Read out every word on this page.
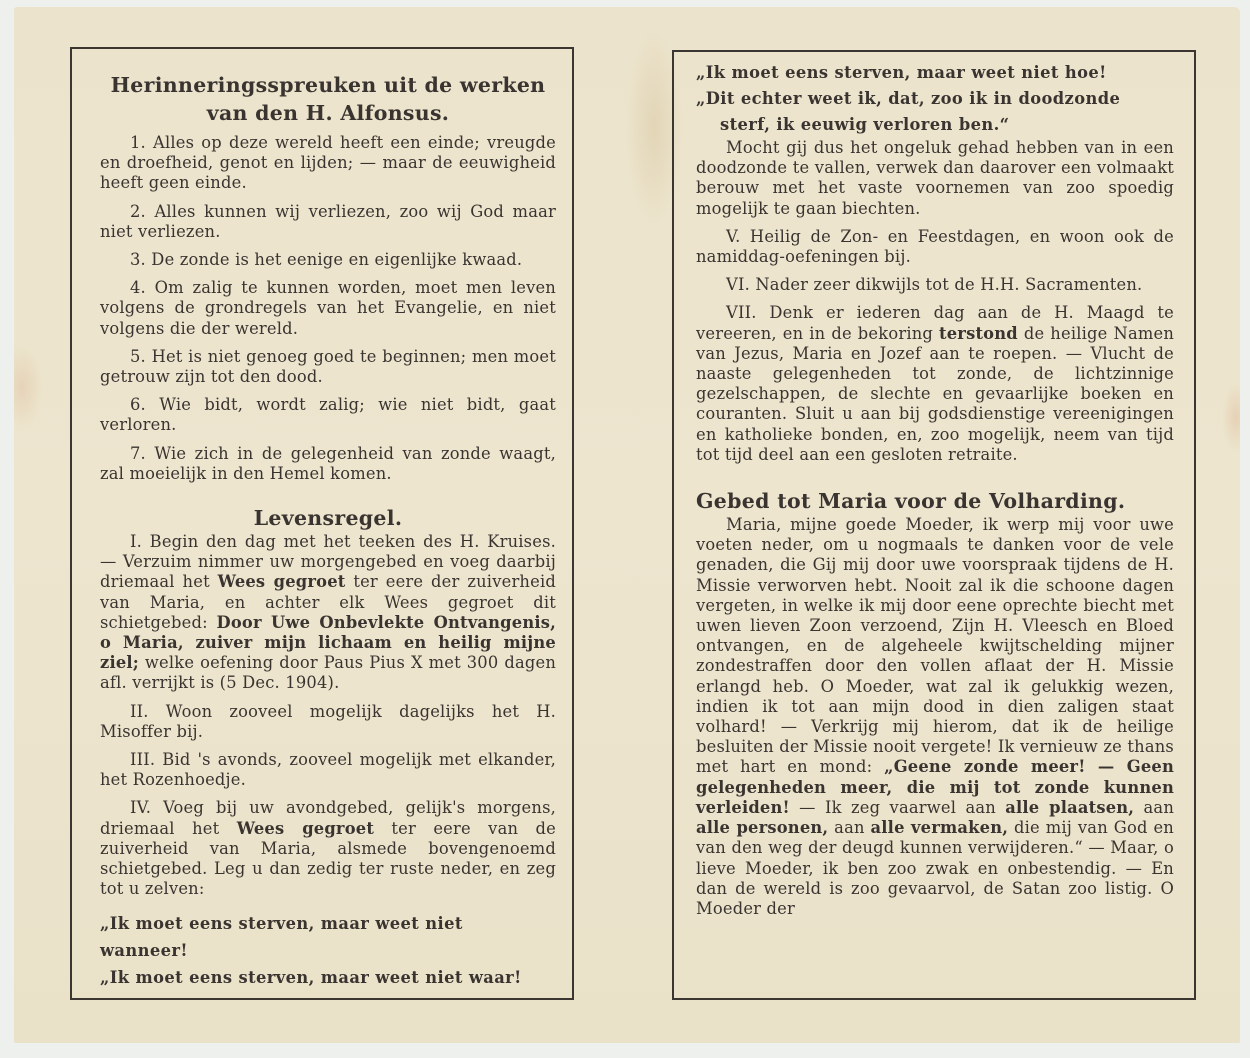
Herinneringsspreuken uit de werken

van den H. Alfonsus.

1. Alles op deze wereld heeft een einde; vreugde en droefheid, genot en lijden; — maar de eeuwigheid heeft geen einde.

2. Alles kunnen wij verliezen, zoo wij God maar niet verliezen.

3. De zonde is het eenige en eigenlijke kwaad.

4. Om zalig te kunnen worden, moet men leven volgens de grondregels van het Evangelie, en niet volgens die der wereld.

5. Het is niet genoeg goed te beginnen; men moet getrouw zijn tot den dood.

6. Wie bidt, wordt zalig; wie niet bidt, gaat verloren.

7. Wie zich in de gelegenheid van zonde waagt, zal moeielijk in den Hemel komen.

Levensregel.

I. Begin den dag met het teeken des H. Kruises. — Verzuim nimmer uw morgengebed en voeg daarbij driemaal het Wees gegroet ter eere der zuiverheid van Maria, en achter elk Wees gegroet dit schietgebed: Door Uwe Onbevlekte Ontvangenis, o Maria, zuiver mijn lichaam en heilig mijne ziel; welke oefening door Paus Pius X met 300 dagen afl. verrijkt is (5 Dec. 1904).

II. Woon zooveel mogelijk dagelijks het H. Misoffer bij.

III. Bid 's avonds, zooveel mogelijk met elkander, het Rozenhoedje.

IV. Voeg bij uw avondgebed, gelijk's morgens, driemaal het Wees gegroet ter eere van de zuiverheid van Maria, alsmede bovengenoemd schietgebed. Leg u dan zedig ter ruste neder, en zeg tot u zelven:

„Ik moet eens sterven, maar weet niet wanneer!

„Ik moet eens sterven, maar weet niet waar!

„Ik moet eens sterven, maar weet niet hoe!

„Dit echter weet ik, dat, zoo ik in doodzonde sterf, ik eeuwig verloren ben.“

Mocht gij dus het ongeluk gehad hebben van in een doodzonde te vallen, verwek dan daarover een volmaakt berouw met het vaste voornemen van zoo spoedig mogelijk te gaan biechten.

V. Heilig de Zon- en Feestdagen, en woon ook de namiddag-oefeningen bij.

VI. Nader zeer dikwijls tot de H.H. Sacramenten.

VII. Denk er iederen dag aan de H. Maagd te vereeren, en in de bekoring terstond de heilige Namen van Jezus, Maria en Jozef aan te roepen. — Vlucht de naaste gelegenheden tot zonde, de lichtzinnige gezelschappen, de slechte en gevaarlijke boeken en couranten. Sluit u aan bij godsdienstige vereenigingen en katholieke bonden, en, zoo mogelijk, neem van tijd tot tijd deel aan een gesloten retraite.

Gebed tot Maria voor de Volharding.

Maria, mijne goede Moeder, ik werp mij voor uwe voeten neder, om u nogmaals te danken voor de vele genaden, die Gij mij door uwe voorspraak tijdens de H. Missie verworven hebt. Nooit zal ik die schoone dagen vergeten, in welke ik mij door eene oprechte biecht met uwen lieven Zoon verzoend, Zijn H. Vleesch en Bloed ontvangen, en de algeheele kwijtschelding mijner zondestraffen door den vollen aflaat der H. Missie erlangd heb. O Moeder, wat zal ik gelukkig wezen, indien ik tot aan mijn dood in dien zaligen staat volhard! — Verkrijg mij hierom, dat ik de heilige besluiten der Missie nooit vergete! Ik vernieuw ze thans met hart en mond: „Geene zonde meer! — Geen gelegenheden meer, die mij tot zonde kunnen verleiden! — Ik zeg vaarwel aan alle plaatsen, aan alle personen, aan alle vermaken, die mij van God en van den weg der deugd kunnen verwijderen.“ — Maar, o lieve Moeder, ik ben zoo zwak en onbestendig. — En dan de wereld is zoo gevaarvol, de Satan zoo listig. O Moeder der
